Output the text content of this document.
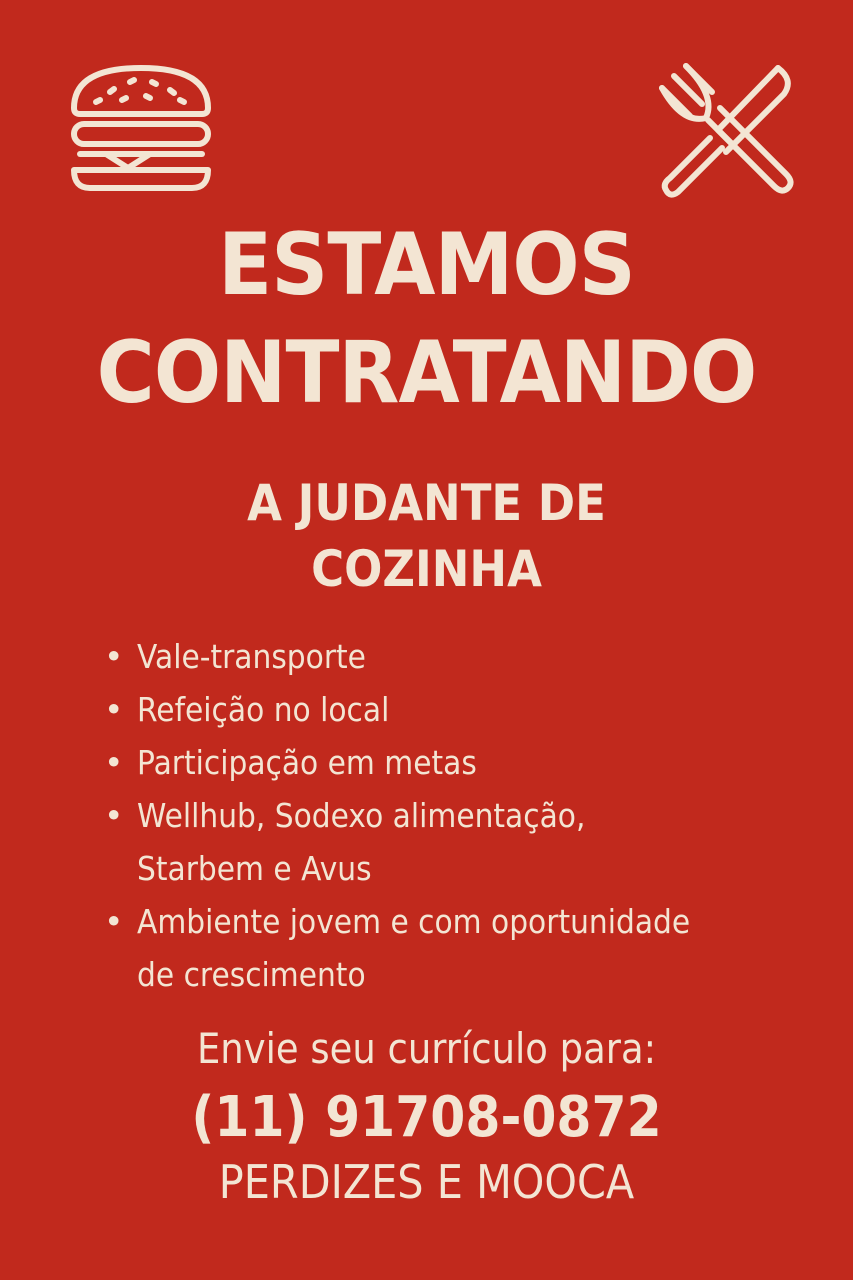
ESTAMOS
CONTRATANDO
A JUDANTE DE
COZINHA
• Vale-transporte
• Refeição no local
• Participação em metas
• Wellhub, Sodexo alimentação,
Starbem e Avus
• Ambiente jovem e com oportunidade
de crescimento
Envie seu currículo para:
(11) 91708-0872
PERDIZES E MOOCA
